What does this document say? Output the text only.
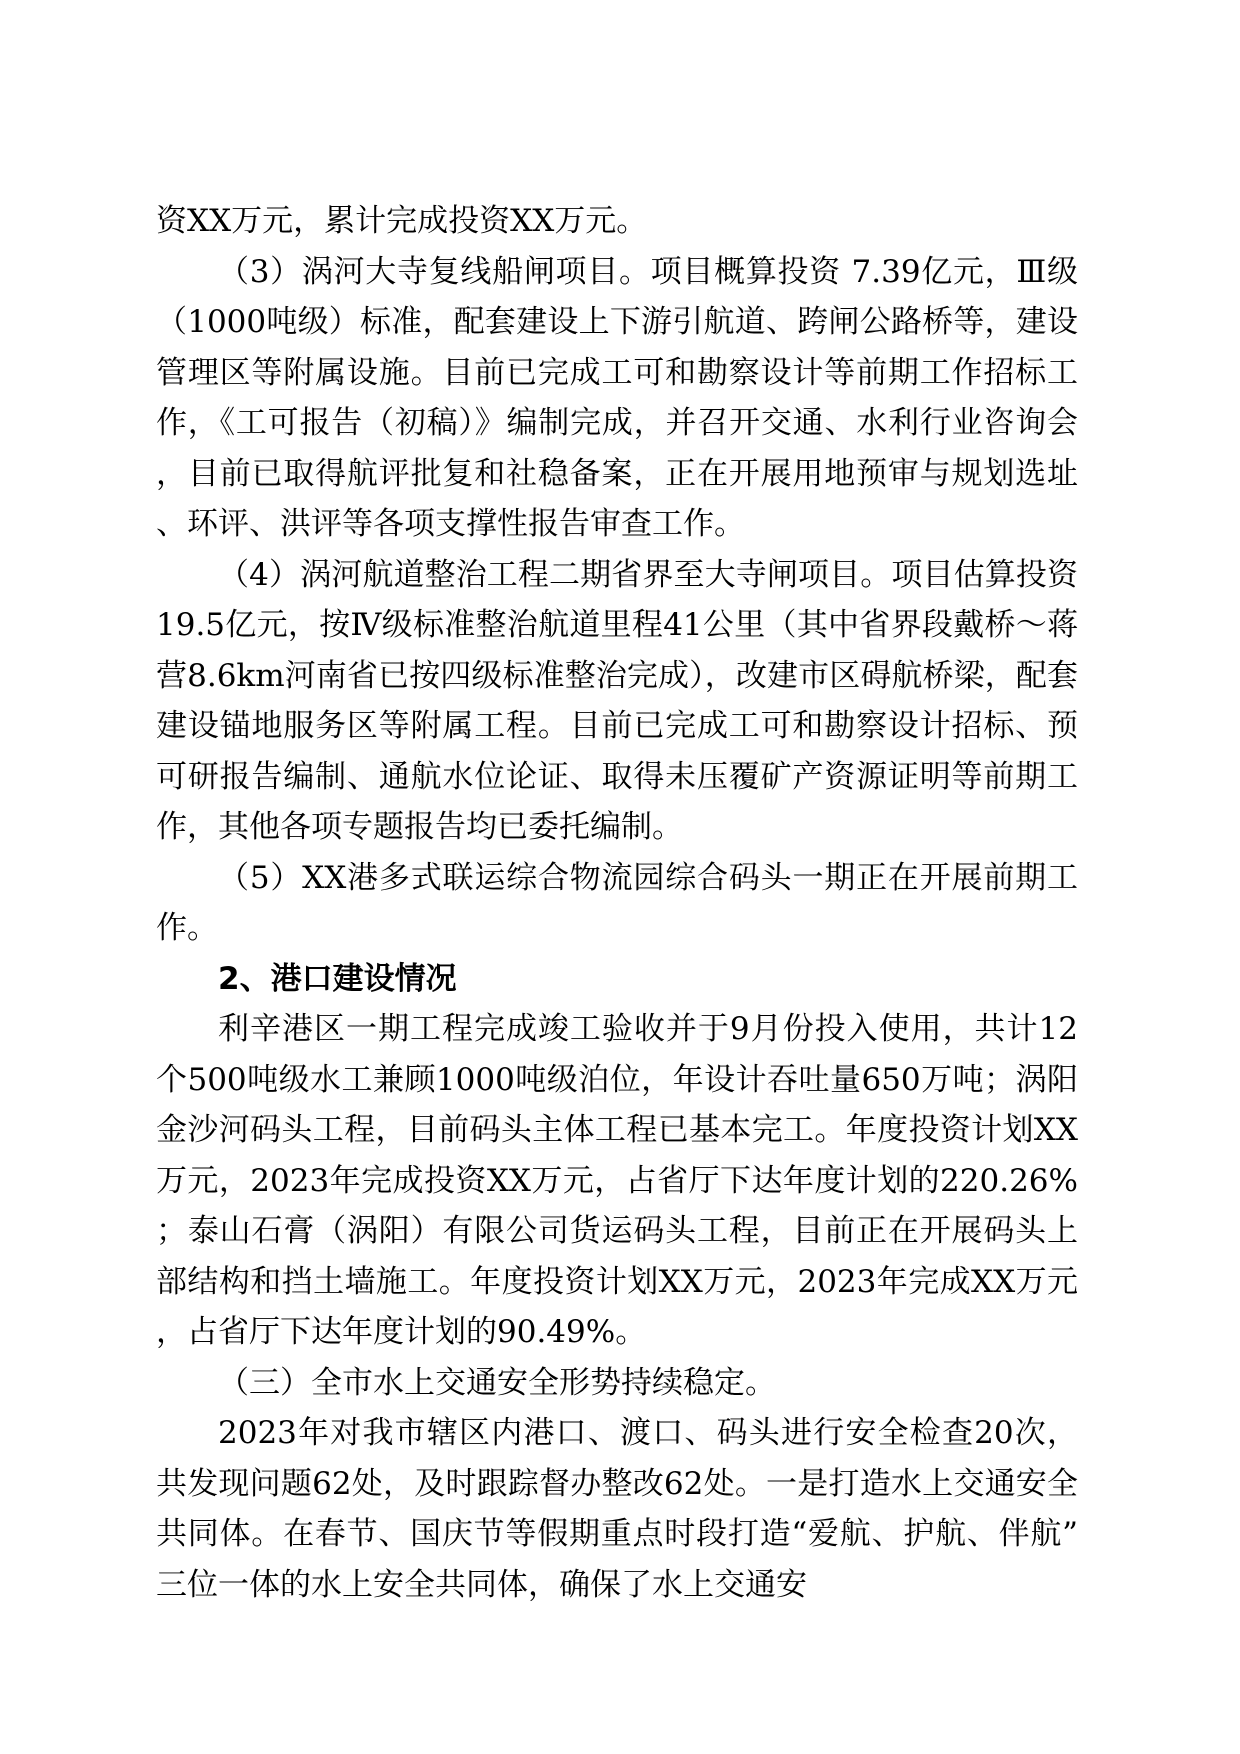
资XX万元，累计完成投资XX万元。

（3）涡河大寺复线船闸项目。项目概算投资 7.39亿元，Ⅲ级（1000吨级）标准，配套建设上下游引航道、跨闸公路桥等，建设管理区等附属设施。目前已完成工可和勘察设计等前期工作招标工作，《工可报告（初稿）》编制完成，并召开交通、水利行业咨询会，目前已取得航评批复和社稳备案，正在开展用地预审与规划选址、环评、洪评等各项支撑性报告审查工作。

（4）涡河航道整治工程二期省界至大寺闸项目。项目估算投资19.5亿元，按Ⅳ级标准整治航道里程41公里（其中省界段戴桥～蒋营8.6km河南省已按四级标准整治完成），改建市区碍航桥梁，配套建设锚地服务区等附属工程。目前已完成工可和勘察设计招标、预可研报告编制、通航水位论证、取得未压覆矿产资源证明等前期工作，其他各项专题报告均已委托编制。

（5）XX港多式联运综合物流园综合码头一期正在开展前期工作。

2、港口建设情况

利辛港区一期工程完成竣工验收并于9月份投入使用，共计12个500吨级水工兼顾1000吨级泊位，年设计吞吐量650万吨；涡阳金沙河码头工程，目前码头主体工程已基本完工。年度投资计划XX万元，2023年完成投资XX万元，占省厅下达年度计划的220.26%；泰山石膏（涡阳）有限公司货运码头工程，目前正在开展码头上部结构和挡土墙施工。年度投资计划XX万元，2023年完成XX万元，占省厅下达年度计划的90.49%。

（三）全市水上交通安全形势持续稳定。

2023年对我市辖区内港口、渡口、码头进行安全检查20次，共发现问题62处，及时跟踪督办整改62处。一是打造水上交通安全共同体。在春节、国庆节等假期重点时段打造“爱航、护航、伴航”三位一体的水上安全共同体，确保了水上交通安
